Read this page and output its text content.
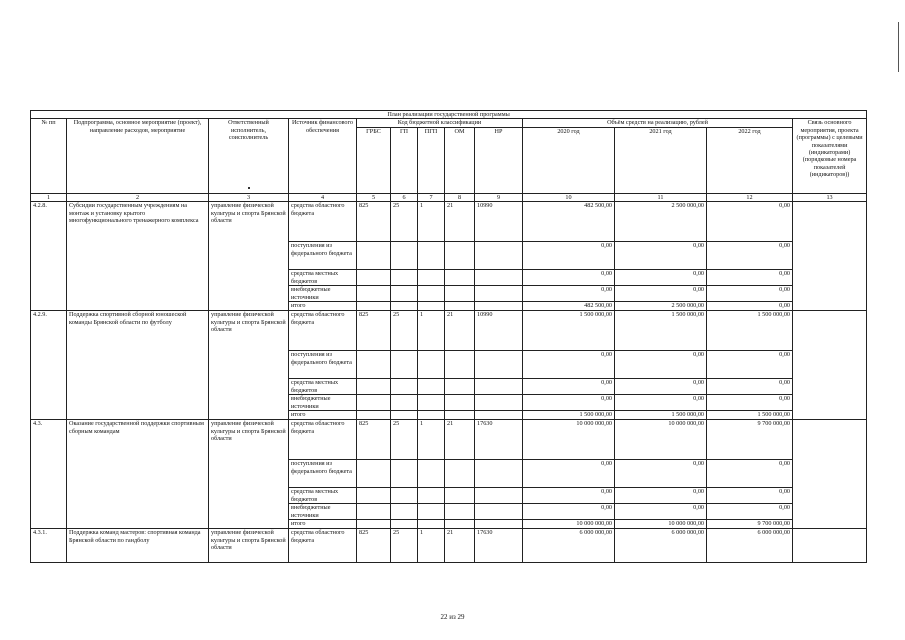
План реализации государственной программы												
№ пп	Подпрограмма, основное мероприятие (проект), направление расходов, мероприятие	Ответственный исполнитель, соисполнитель	Источник финансового обеспечения	Код бюджетной классификации					Объём средств на реализацию, рублей			Связь основного мероприятия, проекта (программы) с целевыми показателями (индикаторами) (порядковые номера показателей (индикаторов))
				ГРБС	ГП	ПГП	ОМ	НР	2020 год	2021 год	2022 год	

1	2	3	4	5	6	7	8	9	10	11	12	13
4.2.8.	Субсидии государственным учреждениям на монтаж и установку крытого многофункционального тренажерного комплекса	управление физической культуры и спорта Брянской области	средства областного бюджета	825	25	1	21	10990	482 500,00	2 500 000,00	0,00	
			поступления из федерального бюджета						0,00	0,00	0,00	
			средства местных бюджетов						0,00	0,00	0,00	
			внебюджетные источники						0,00	0,00	0,00	
			итого						482 500,00	2 500 000,00	0,00	
4.2.9.	Поддержка спортивной сборной юношеской команды Брянской области по футболу	управление физической культуры и спорта Брянской области	средства областного бюджета	825	25	1	21	10990	1 500 000,00	1 500 000,00	1 500 000,00	
			поступления из федерального бюджета						0,00	0,00	0,00	
			средства местных бюджетов						0,00	0,00	0,00	
			внебюджетные источники						0,00	0,00	0,00	
			итого						1 500 000,00	1 500 000,00	1 500 000,00	
4.3.	Оказание государственной поддержки спортивным сборным командам	управление физической культуры и спорта Брянской области	средства областного бюджета	825	25	1	21	17630	10 000 000,00	10 000 000,00	9 700 000,00	
			поступления из федерального бюджета						0,00	0,00	0,00	
			средства местных бюджетов						0,00	0,00	0,00	
			внебюджетные источники						0,00	0,00	0,00	
			итого						10 000 000,00	10 000 000,00	9 700 000,00	
4.3.1.	Поддержка команд мастеров: спортивная команда Брянской области по гандболу	управление физической культуры и спорта Брянской области	средства областного бюджета	825	25	1	21	17630	6 000 000,00	6 000 000,00	6 000 000,00	
22 из 29
